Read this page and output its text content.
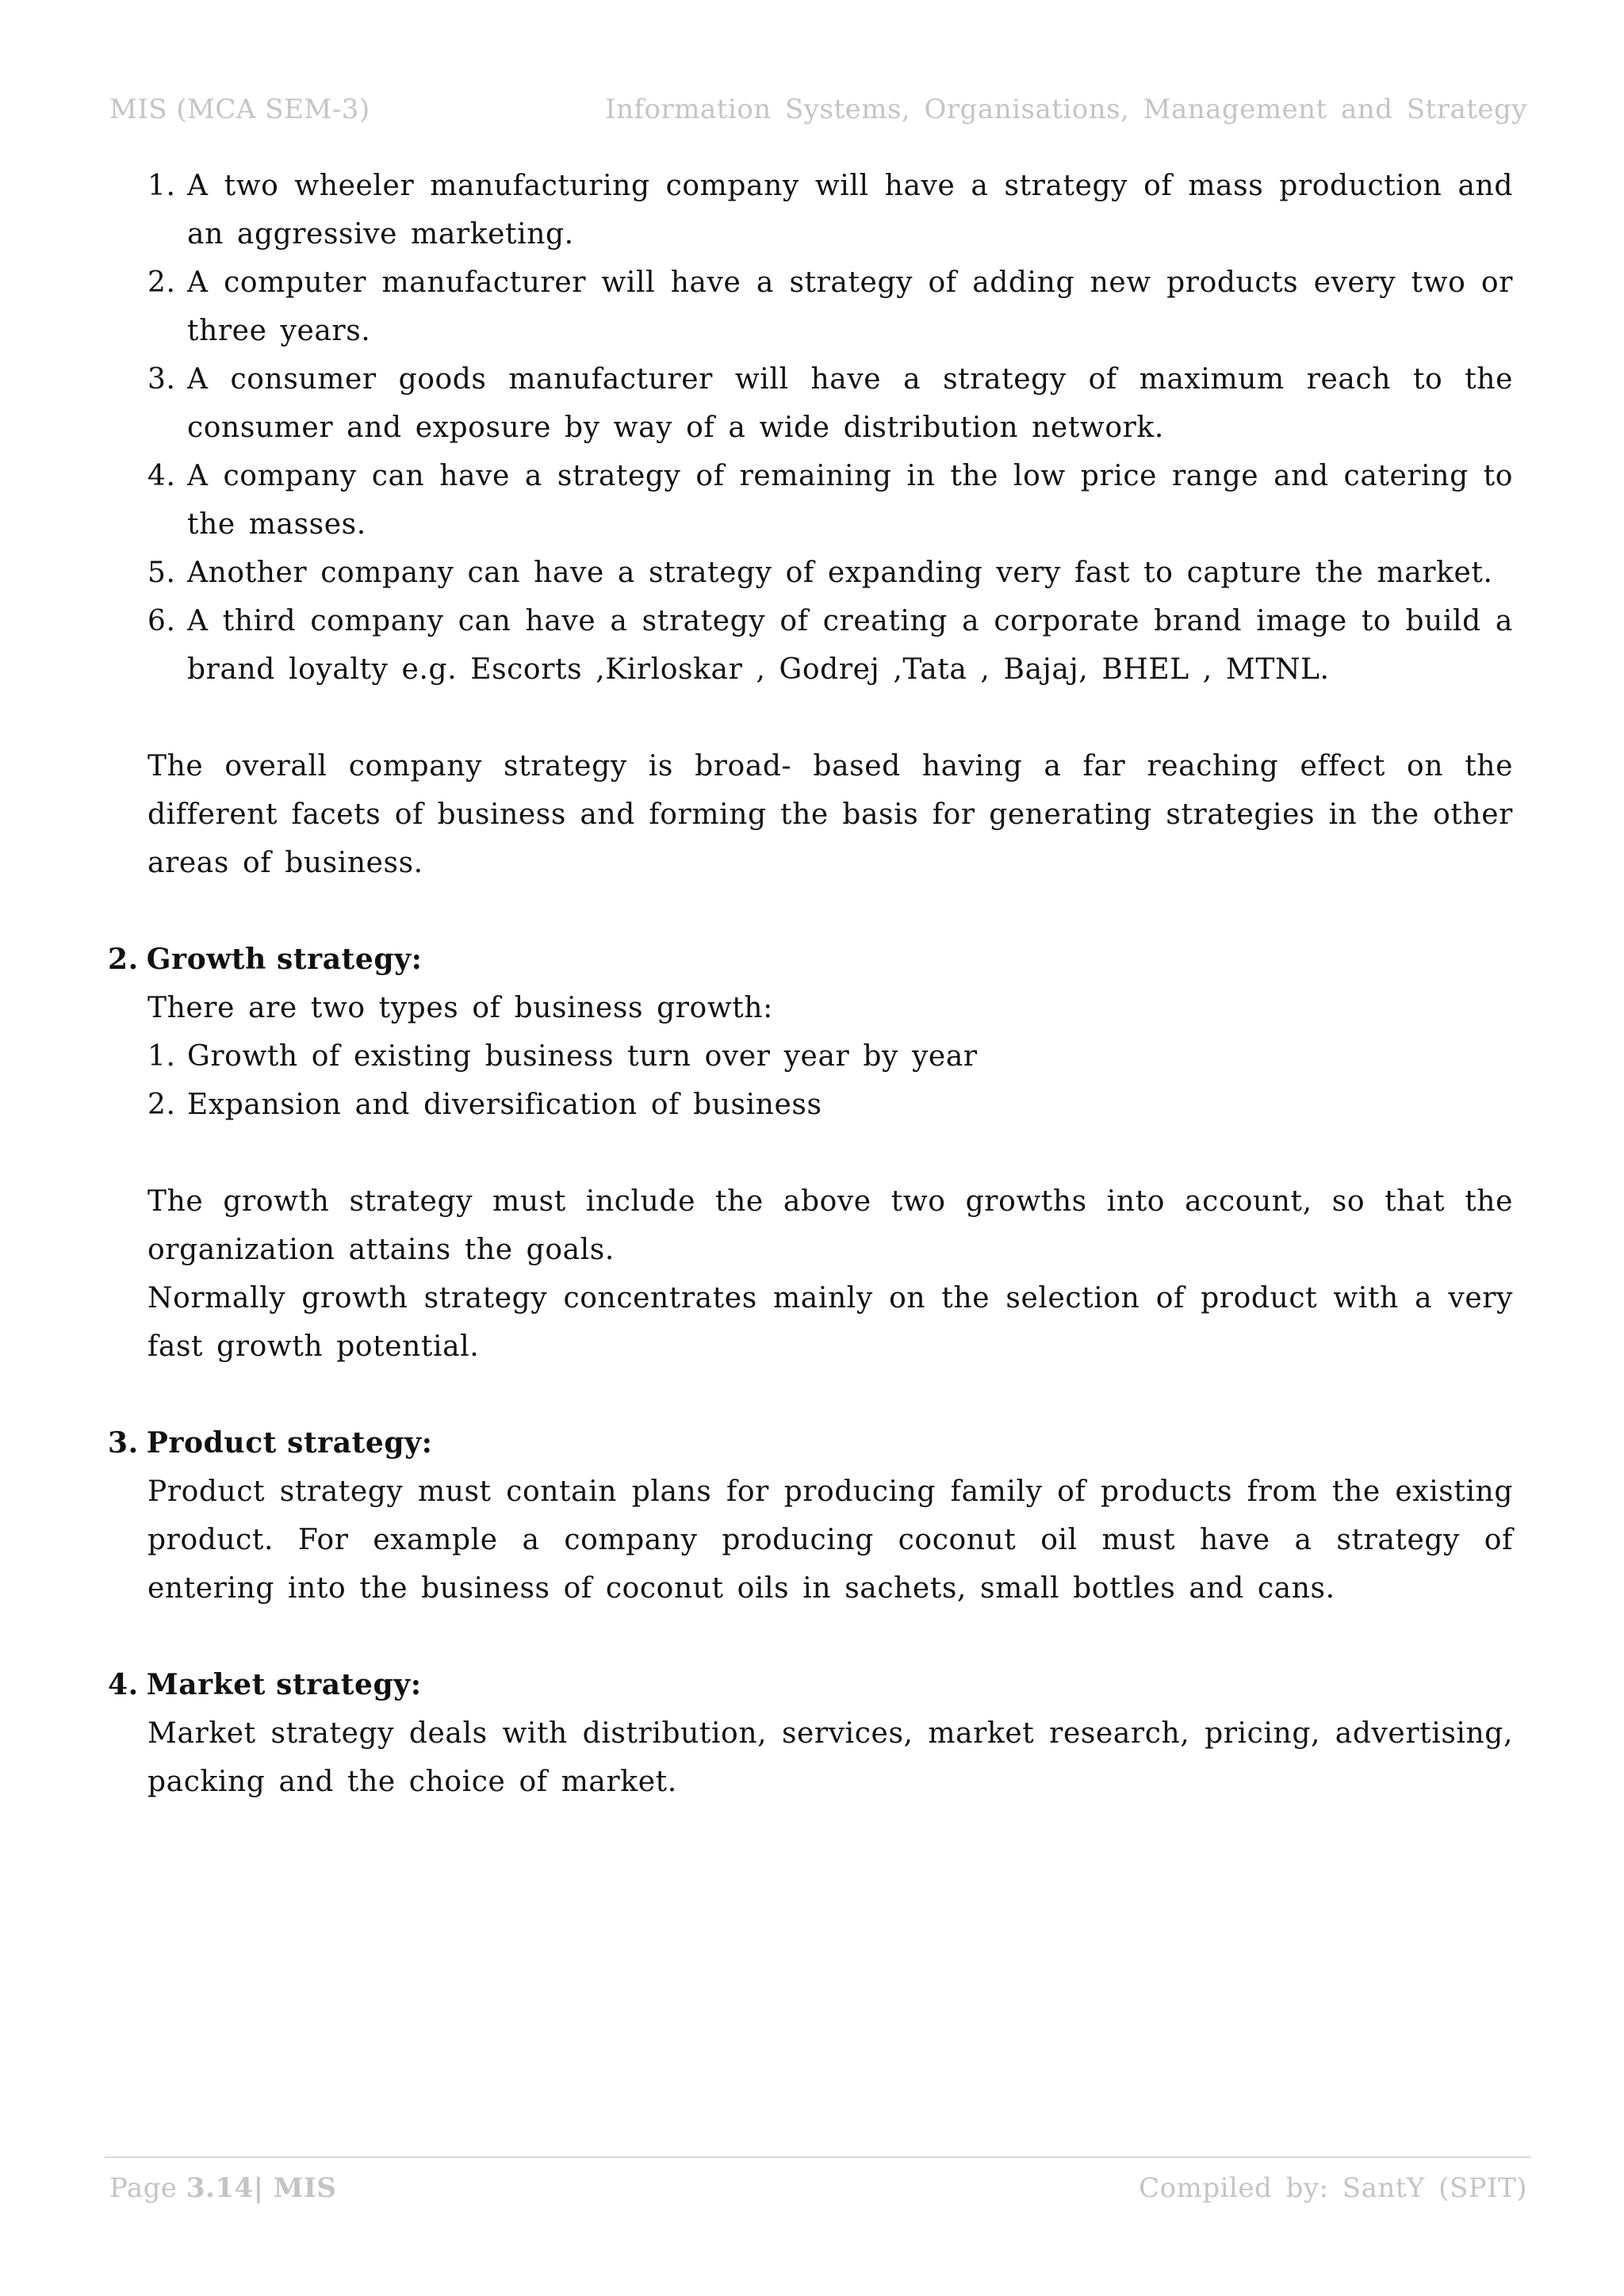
MIS (MCA SEM-3)	Information Systems, Organisations, Management and Strategy
1. A two wheeler manufacturing company will have a strategy of mass production and an aggressive marketing.
2. A computer manufacturer will have a strategy of adding new products every two or three years.
3. A consumer goods manufacturer will have a strategy of maximum reach to the consumer and exposure by way of a wide distribution network.
4. A company can have a strategy of remaining in the low price range and catering to the masses.
5. Another company can have a strategy of expanding very fast to capture the market.
6. A third company can have a strategy of creating a corporate brand image to build a brand loyalty e.g. Escorts ,Kirloskar , Godrej ,Tata , Bajaj, BHEL , MTNL.

The overall company strategy is broad- based having a far reaching effect on the different facets of business and forming the basis for generating strategies in the other areas of business.

2. Growth strategy:

There are two types of business growth:

1. Growth of existing business turn over year by year
2. Expansion and diversification of business

The growth strategy must include the above two growths into account, so that the organization attains the goals.

Normally growth strategy concentrates mainly on the selection of product with a very fast growth potential.

3. Product strategy:

Product strategy must contain plans for producing family of products from the existing product. For example a company producing coconut oil must have a strategy of entering into the business of coconut oils in sachets, small bottles and cans.

4. Market strategy:

Market strategy deals with distribution, services, market research, pricing, advertising, packing and the choice of market.

Page 3.14| MIS	Compiled by: SantY (SPIT)
